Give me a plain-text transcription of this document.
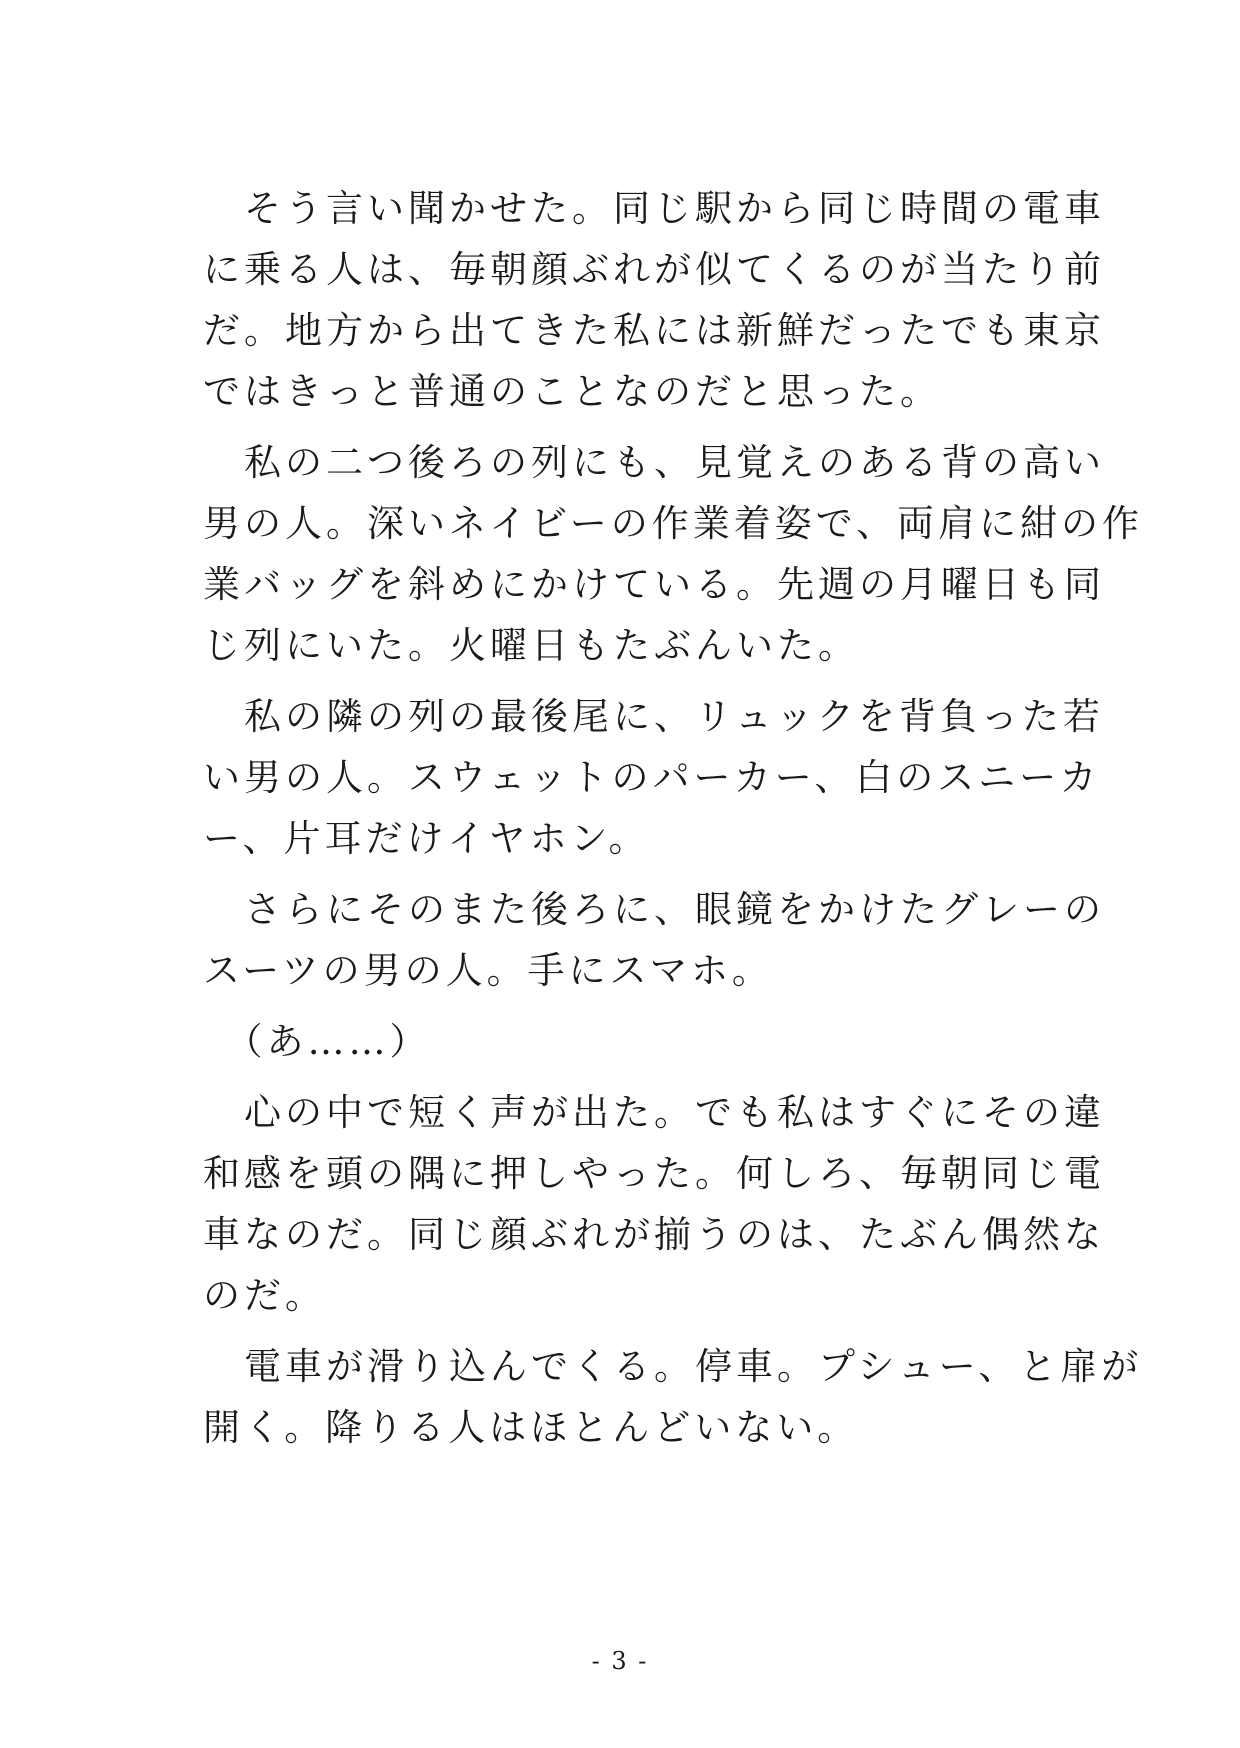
　そう言い聞かせた。同じ駅から同じ時間の電車
に乗る人は、毎朝顔ぶれが似てくるのが当たり前
だ。地方から出てきた私には新鮮だったでも東京
ではきっと普通のことなのだと思った。
　私の二つ後ろの列にも、見覚えのある背の高い
男の人。深いネイビーの作業着姿で、両肩に紺の作
業バッグを斜めにかけている。先週の月曜日も同
じ列にいた。火曜日もたぶんいた。
　私の隣の列の最後尾に、リュックを背負った若
い男の人。スウェットのパーカー、白のスニーカ
ー、片耳だけイヤホン。
　さらにそのまた後ろに、眼鏡をかけたグレーの
スーツの男の人。手にスマホ。
　（あ……）
　心の中で短く声が出た。でも私はすぐにその違
和感を頭の隅に押しやった。何しろ、毎朝同じ電
車なのだ。同じ顔ぶれが揃うのは、たぶん偶然な
のだ。
　電車が滑り込んでくる。停車。プシュー、と扉が
開く。降りる人はほとんどいない。
- 3 -
